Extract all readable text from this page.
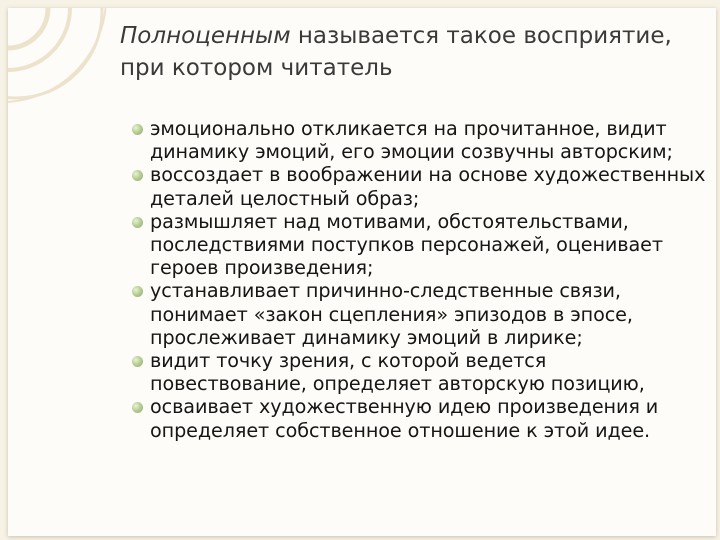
Полноценным называется такое восприятие,
при котором читатель
эмоционально откликается на прочитанное, видит динамику эмоций, его эмоции созвучны авторским;
воссоздает в воображении на основе художественных деталей целостный образ;
размышляет над мотивами, обстоятельствами, последствиями поступков персонажей, оценивает героев произведения;
устанавливает причинно-следственные связи, понимает «закон сцепления» эпизодов в эпосе, прослеживает динамику эмоций в лирике;
видит точку зрения, с которой ведется повествование, определяет авторскую позицию,
осваивает художественную идею произведения и определяет собственное отношение к этой идее.
